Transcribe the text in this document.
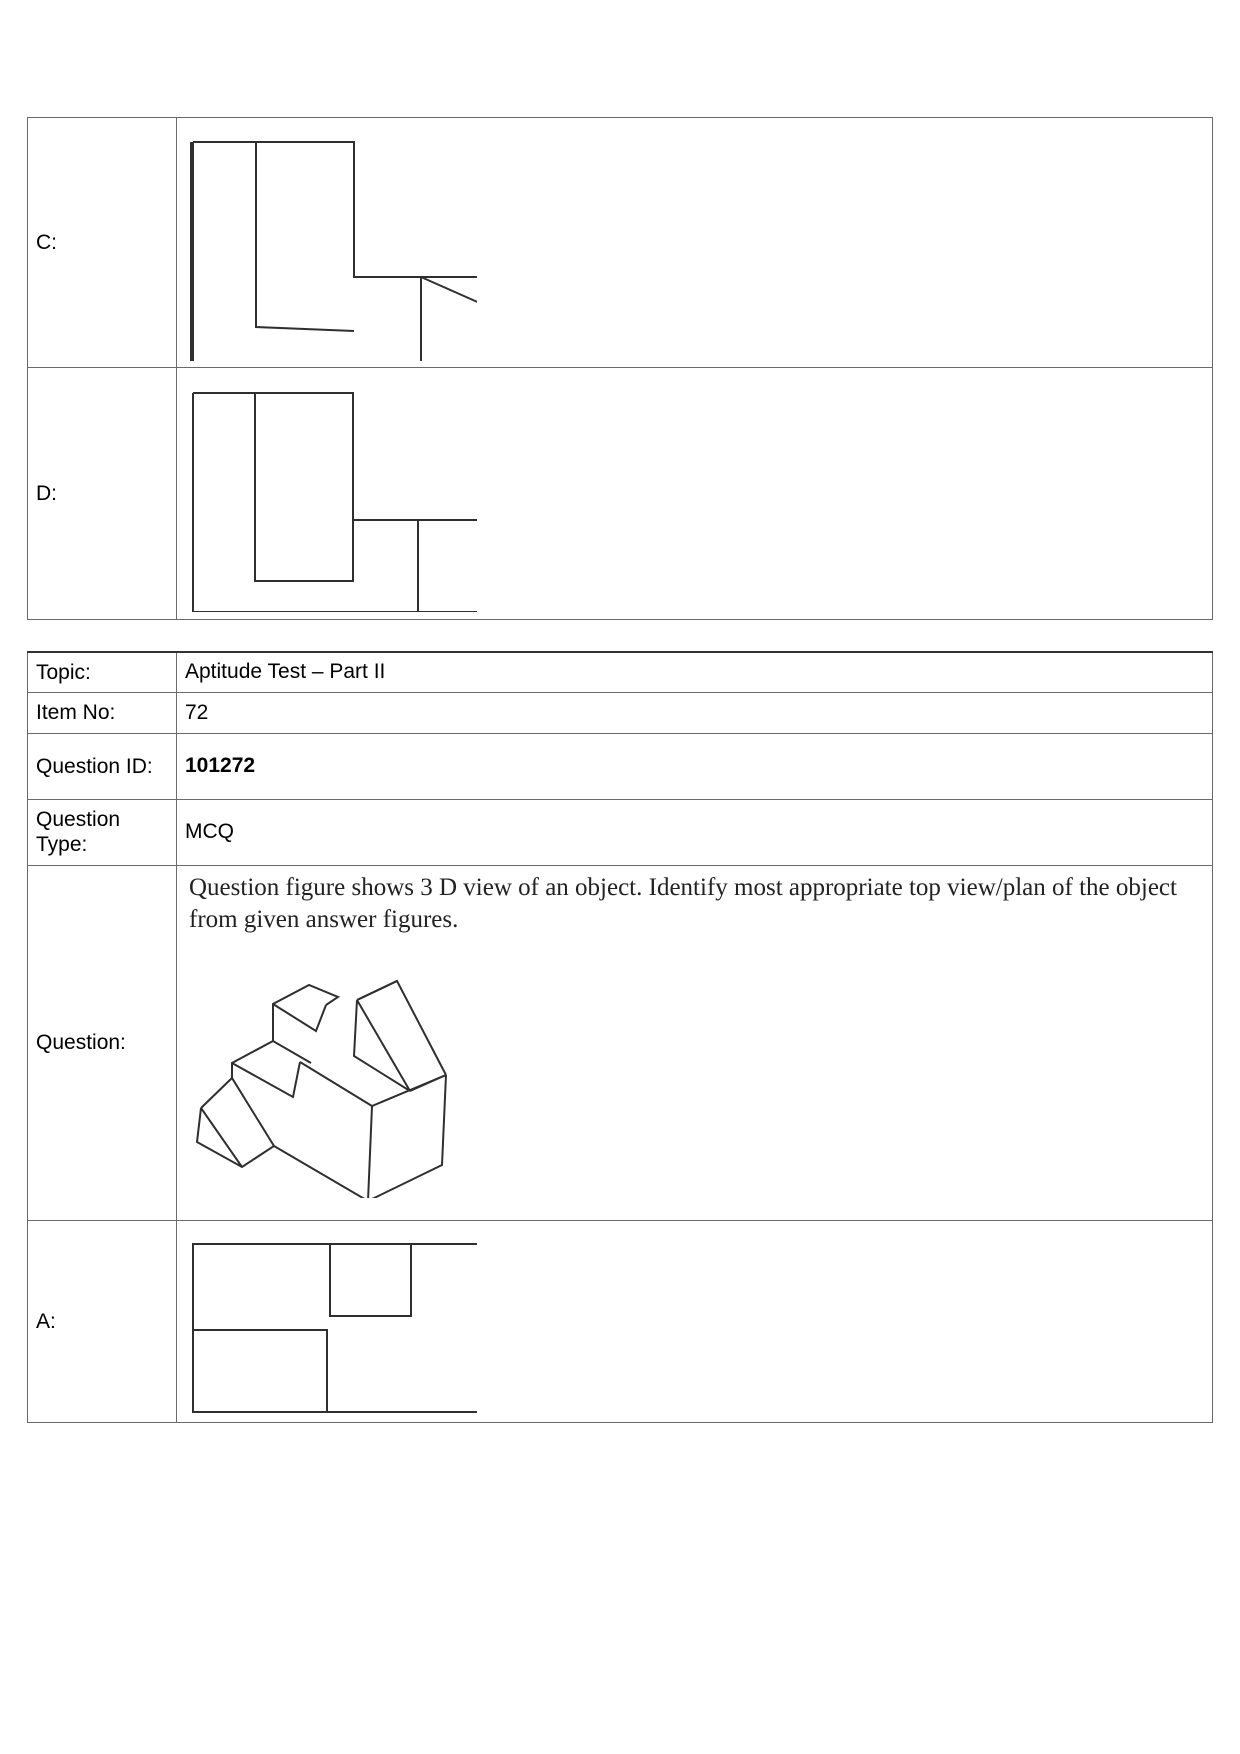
C:	

D:	
Topic:	Aptitude Test – Part II
Item No:	72
Question ID:	101272
Question Type:	MCQ
Question:	Question figure shows 3 D view of an object. Identify most appropriate top view/plan of the object from given answer figures.

A:	
